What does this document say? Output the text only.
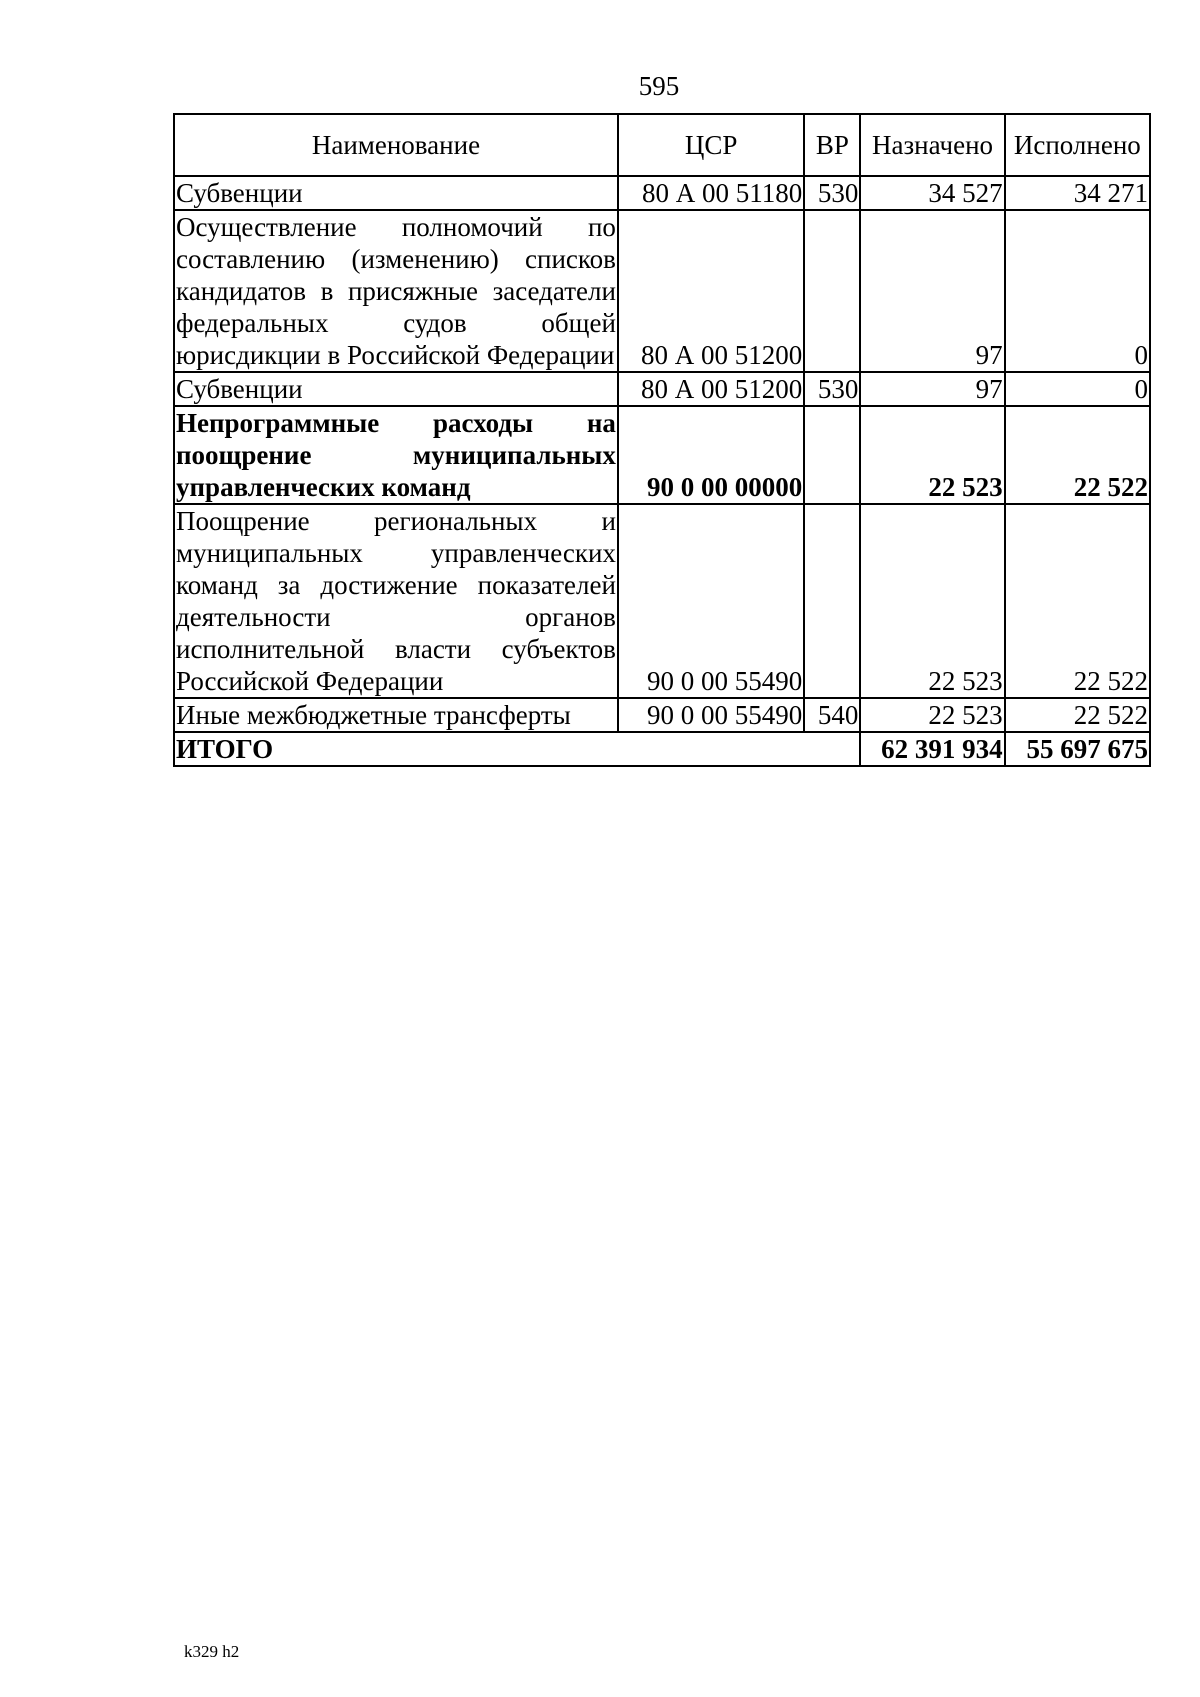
595
Наименование	ЦСР	ВР	Назначено	Исполнено
Субвенции	80 А 00 51180	530	34 527	34 271
Осуществление полномочий по составлению (изменению) списков кандидатов в присяжные заседатели федеральных судов общей юрисдикции в Российской Федерации	80 А 00 51200		97	0
Субвенции	80 А 00 51200	530	97	0
Непрограммные расходы на поощрение муниципальных управленческих команд	90 0 00 00000		22 523	22 522
Поощрение региональных и муниципальных управленческих команд за достижение показателей деятельности органов исполнительной власти субъектов Российской Федерации	90 0 00 55490		22 523	22 522
Иные межбюджетные трансферты	90 0 00 55490	540	22 523	22 522
ИТОГО			62 391 934	55 697 675
k329 h2
